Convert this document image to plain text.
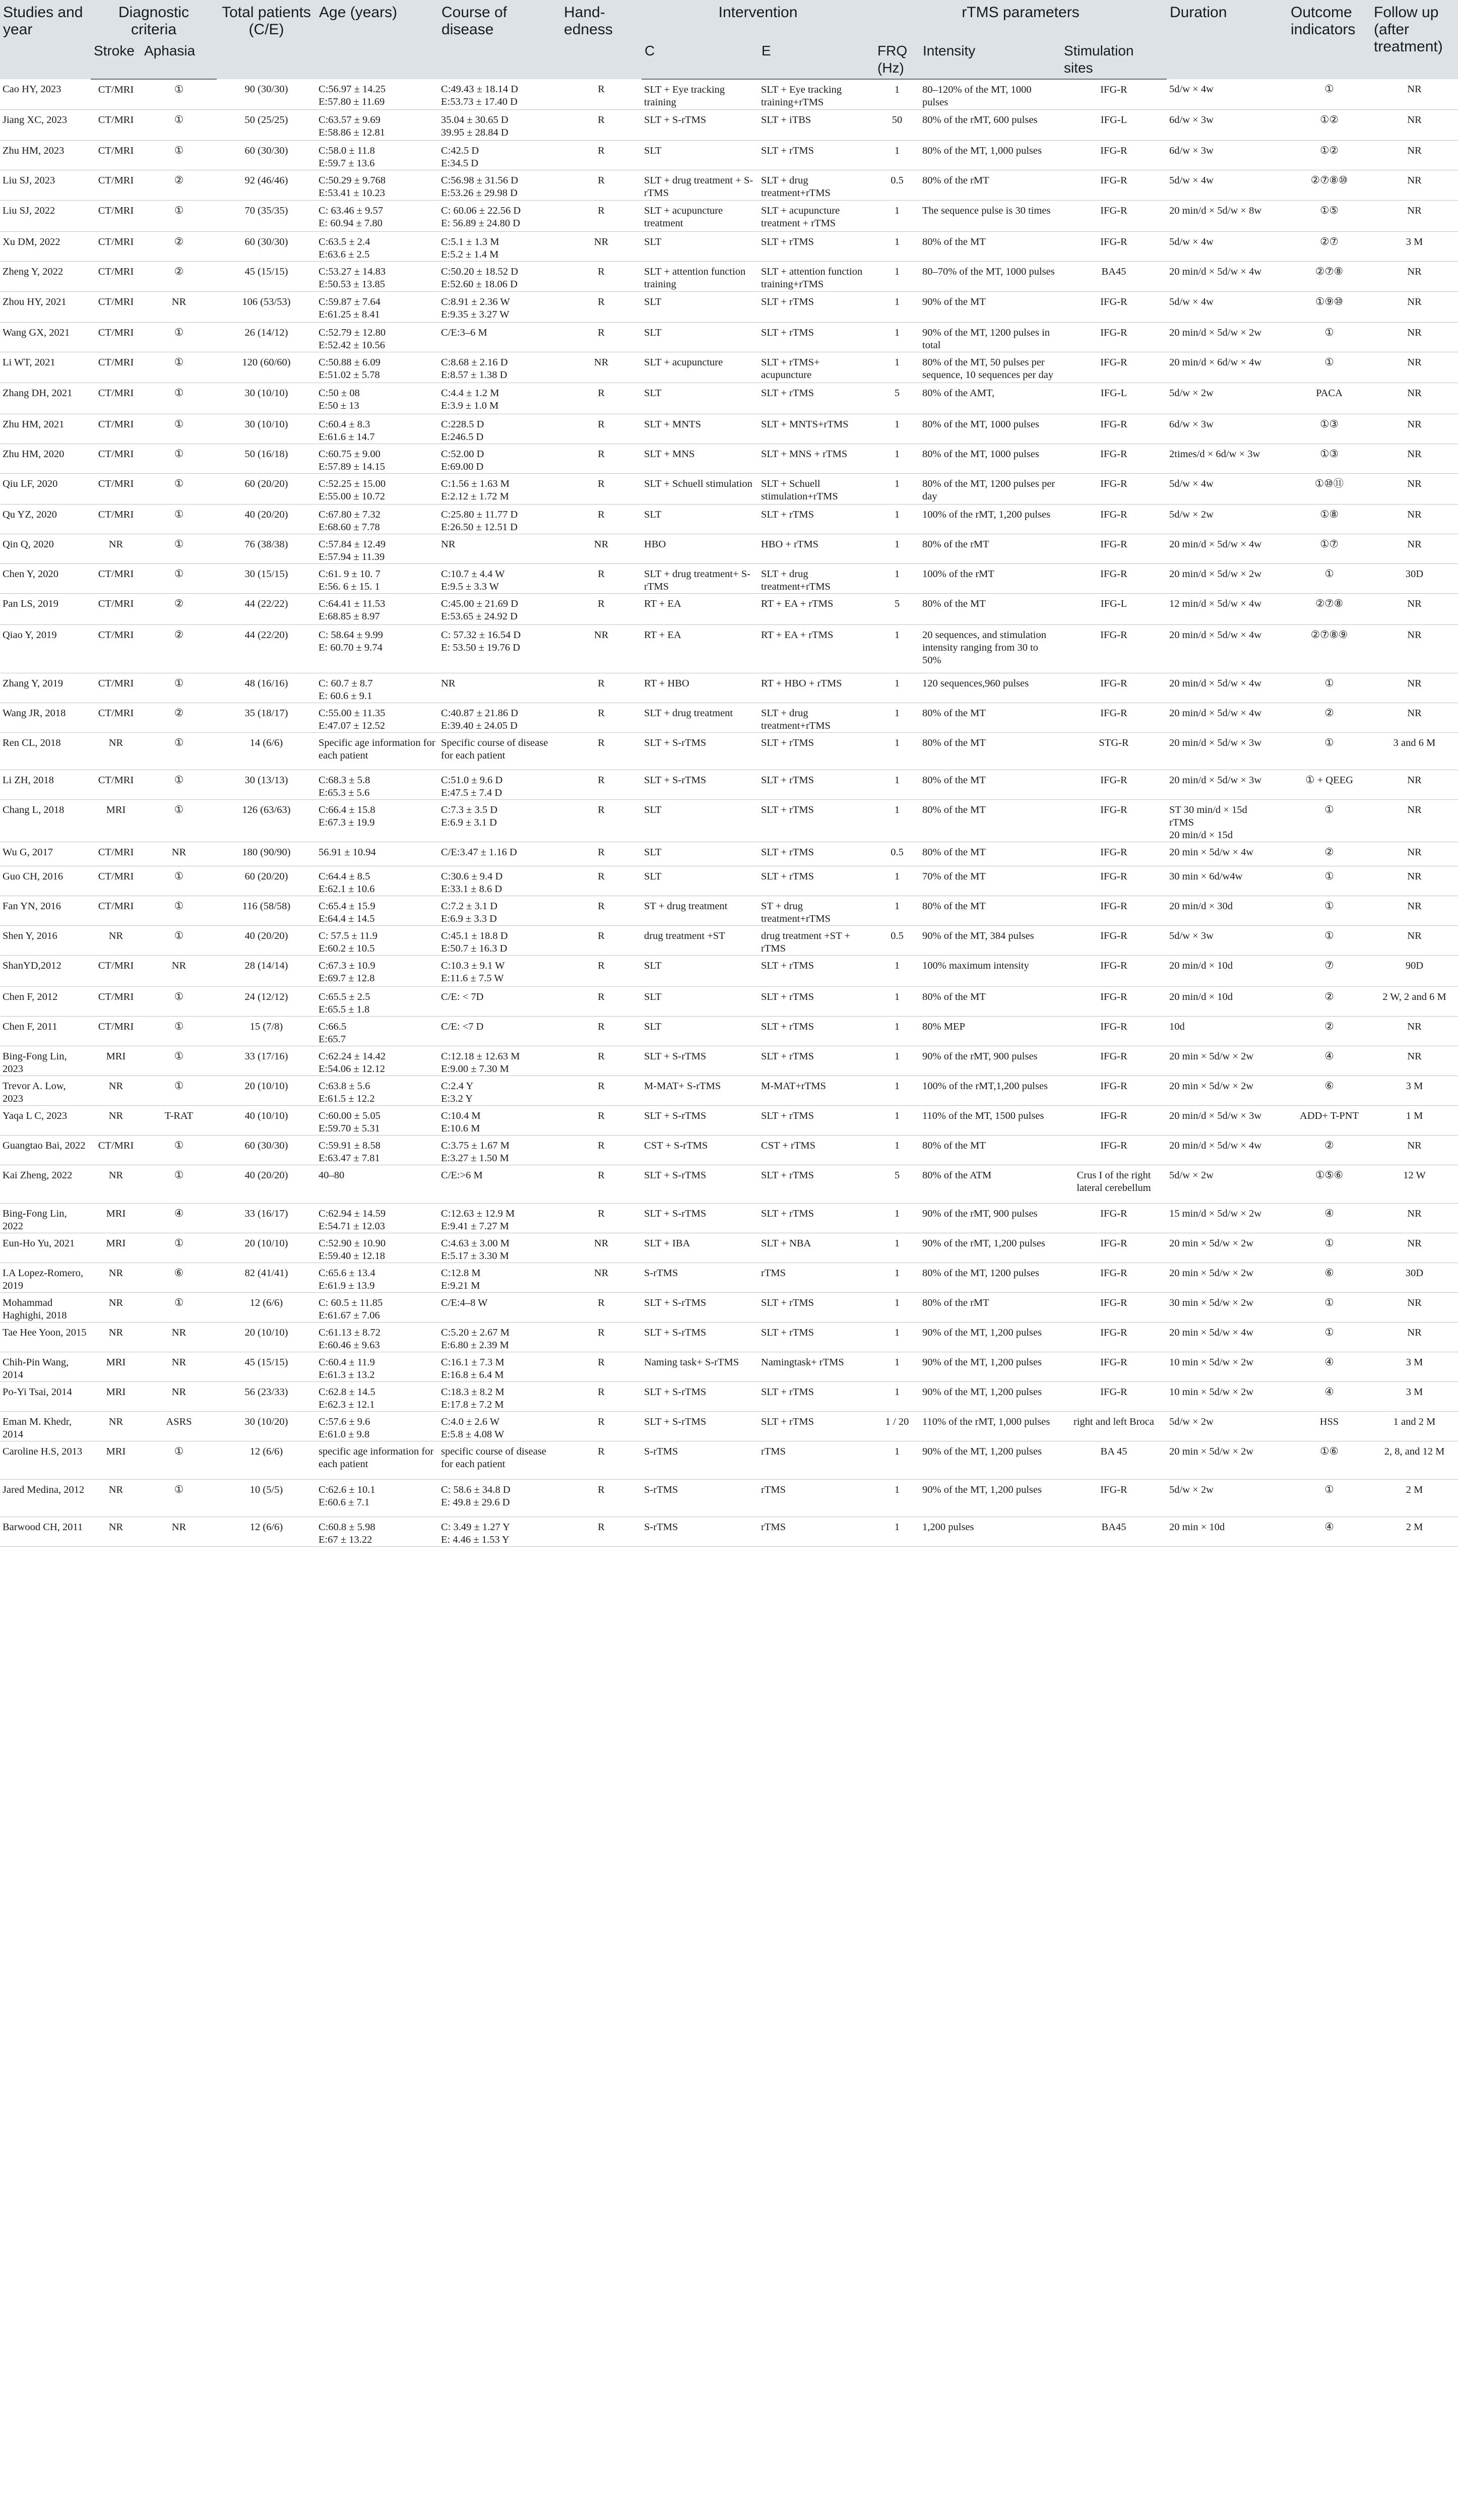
Studies and year	Diagnostic criteria		Total patients (C/E)	Age (years)	Course of disease	Hand-edness	Intervention		rTMS parameters			Duration	Outcome indicators	Follow up (after treatment)
	Stroke	Aphasia					C	E	FRQ (Hz)	Intensity	Stimulation sites			
Cao HY, 2023	CT/MRI	①	90 (30/30)	C:56.97 ± 14.25
E:57.80 ± 11.69	C:49.43 ± 18.14 D
E:53.73 ± 17.40 D	R	SLT + Eye tracking training	SLT + Eye tracking training+rTMS	1	80–120% of the MT, 1000 pulses	IFG-R	5d/w × 4w	①	NR
Jiang XC, 2023	CT/MRI	①	50 (25/25)	C:63.57 ± 9.69
E:58.86 ± 12.81	35.04 ± 30.65 D
39.95 ± 28.84 D	R	SLT + S-rTMS	SLT + iTBS	50	80% of the rMT, 600 pulses	IFG-L	6d/w × 3w	①②	NR
Zhu HM, 2023	CT/MRI	①	60 (30/30)	C:58.0 ± 11.8
E:59.7 ± 13.6	C:42.5 D
E:34.5 D	R	SLT	SLT + rTMS	1	80% of the MT, 1,000 pulses	IFG-R	6d/w × 3w	①②	NR
Liu SJ, 2023	CT/MRI	②	92 (46/46)	C:50.29 ± 9.768
E:53.41 ± 10.23	C:56.98 ± 31.56 D
E:53.26 ± 29.98 D	R	SLT + drug treatment + S-rTMS	SLT + drug treatment+rTMS	0.5	80% of the rMT	IFG-R	5d/w × 4w	②⑦⑧⑩	NR
Liu SJ, 2022	CT/MRI	①	70 (35/35)	C: 63.46 ± 9.57
E: 60.94 ± 7.80	C: 60.06 ± 22.56 D
E: 56.89 ± 24.80 D	R	SLT + acupuncture treatment	SLT + acupuncture treatment + rTMS	1	The sequence pulse is 30 times	IFG-R	20 min/d × 5d/w × 8w	①⑤	NR
Xu DM, 2022	CT/MRI	②	60 (30/30)	C:63.5 ± 2.4
E:63.6 ± 2.5	C:5.1 ± 1.3 M
E:5.2 ± 1.4 M	NR	SLT	SLT + rTMS	1	80% of the MT	IFG-R	5d/w × 4w	②⑦	3 M
Zheng Y, 2022	CT/MRI	②	45 (15/15)	C:53.27 ± 14.83
E:50.53 ± 13.85	C:50.20 ± 18.52 D
E:52.60 ± 18.06 D	R	SLT + attention function training	SLT + attention function training+rTMS	1	80–70% of the MT, 1000 pulses	BA45	20 min/d × 5d/w × 4w	②⑦⑧	NR
Zhou HY, 2021	CT/MRI	NR	106 (53/53)	C:59.87 ± 7.64
E:61.25 ± 8.41	C:8.91 ± 2.36 W
E:9.35 ± 3.27 W	R	SLT	SLT + rTMS	1	90% of the MT	IFG-R	5d/w × 4w	①⑨⑩	NR
Wang GX, 2021	CT/MRI	①	26 (14/12)	C:52.79 ± 12.80
E:52.42 ± 10.56	C/E:3–6 M	R	SLT	SLT + rTMS	1	90% of the MT, 1200 pulses in total	IFG-R	20 min/d × 5d/w × 2w	①	NR
Li WT, 2021	CT/MRI	①	120 (60/60)	C:50.88 ± 6.09
E:51.02 ± 5.78	C:8.68 ± 2.16 D
E:8.57 ± 1.38 D	NR	SLT + acupuncture	SLT + rTMS+ acupuncture	1	80% of the MT, 50 pulses per sequence, 10 sequences per day	IFG-R	20 min/d × 6d/w × 4w	①	NR
Zhang DH, 2021	CT/MRI	①	30 (10/10)	C:50 ± 08
E:50 ± 13	C:4.4 ± 1.2 M
E:3.9 ± 1.0 M	R	SLT	SLT + rTMS	5	80% of the AMT,	IFG-L	5d/w × 2w	PACA	NR
Zhu HM, 2021	CT/MRI	①	30 (10/10)	C:60.4 ± 8.3
E:61.6 ± 14.7	C:228.5 D
E:246.5 D	R	SLT + MNTS	SLT + MNTS+rTMS	1	80% of the MT, 1000 pulses	IFG-R	6d/w × 3w	①③	NR
Zhu HM, 2020	CT/MRI	①	50 (16/18)	C:60.75 ± 9.00
E:57.89 ± 14.15	C:52.00 D
E:69.00 D	R	SLT + MNS	SLT + MNS + rTMS	1	80% of the MT, 1000 pulses	IFG-R	2times/d × 6d/w × 3w	①③	NR
Qiu LF, 2020	CT/MRI	①	60 (20/20)	C:52.25 ± 15.00
E:55.00 ± 10.72	C:1.56 ± 1.63 M
E:2.12 ± 1.72 M	R	SLT + Schuell stimulation	SLT + Schuell stimulation+rTMS	1	80% of the MT, 1200 pulses per day	IFG-R	5d/w × 4w	①⑩⑪	NR
Qu YZ, 2020	CT/MRI	①	40 (20/20)	C:67.80 ± 7.32
E:68.60 ± 7.78	C:25.80 ± 11.77 D
E:26.50 ± 12.51 D	R	SLT	SLT + rTMS	1	100% of the rMT, 1,200 pulses	IFG-R	5d/w × 2w	①⑧	NR
Qin Q, 2020	NR	①	76 (38/38)	C:57.84 ± 12.49
E:57.94 ± 11.39	NR	NR	HBO	HBO + rTMS	1	80% of the rMT	IFG-R	20 min/d × 5d/w × 4w	①⑦	NR
Chen Y, 2020	CT/MRI	①	30 (15/15)	C:61. 9 ± 10. 7
E:56. 6 ± 15. 1	C:10.7 ± 4.4 W
E:9.5 ± 3.3 W	R	SLT + drug treatment+ S-rTMS	SLT + drug treatment+rTMS	1	100% of the rMT	IFG-R	20 min/d × 5d/w × 2w	①	30D
Pan LS, 2019	CT/MRI	②	44 (22/22)	C:64.41 ± 11.53
E:68.85 ± 8.97	C:45.00 ± 21.69 D
E:53.65 ± 24.92 D	R	RT + EA	RT + EA + rTMS	5	80% of the MT	IFG-L	12 min/d × 5d/w × 4w	②⑦⑧	NR
Qiao Y, 2019	CT/MRI	②	44 (22/20)	C: 58.64 ± 9.99
E: 60.70 ± 9.74	C: 57.32 ± 16.54 D
E: 53.50 ± 19.76 D	NR	RT + EA	RT + EA + rTMS	1	20 sequences, and stimulation intensity ranging from 30 to 50%	IFG-R	20 min/d × 5d/w × 4w	②⑦⑧⑨	NR
Zhang Y, 2019	CT/MRI	①	48 (16/16)	C: 60.7 ± 8.7
E: 60.6 ± 9.1	NR	R	RT + HBO	RT + HBO + rTMS	1	120 sequences,960 pulses	IFG-R	20 min/d × 5d/w × 4w	①	NR
Wang JR, 2018	CT/MRI	②	35 (18/17)	C:55.00 ± 11.35
E:47.07 ± 12.52	C:40.87 ± 21.86 D
E:39.40 ± 24.05 D	R	SLT + drug treatment	SLT + drug treatment+rTMS	1	80% of the MT	IFG-R	20 min/d × 5d/w × 4w	②	NR
Ren CL, 2018	NR	①	14 (6/6)	Specific age information for each patient	Specific course of disease for each patient	R	SLT + S-rTMS	SLT + rTMS	1	80% of the MT	STG-R	20 min/d × 5d/w × 3w	①	3 and 6 M
Li ZH, 2018	CT/MRI	①	30 (13/13)	C:68.3 ± 5.8
E:65.3 ± 5.6	C:51.0 ± 9.6 D
E:47.5 ± 7.4 D	R	SLT + S-rTMS	SLT + rTMS	1	80% of the MT	IFG-R	20 min/d × 5d/w × 3w	① + QEEG	NR
Chang L, 2018	MRI	①	126 (63/63)	C:66.4 ± 15.8
E:67.3 ± 19.9	C:7.3 ± 3.5 D
E:6.9 ± 3.1 D	R	SLT	SLT + rTMS	1	80% of the MT	IFG-R	ST 30 min/d × 15d
rTMS
20 min/d × 15d	①	NR
Wu G, 2017	CT/MRI	NR	180 (90/90)	56.91 ± 10.94	C/E:3.47 ± 1.16 D	R	SLT	SLT + rTMS	0.5	80% of the MT	IFG-R	20 min × 5d/w × 4w	②	NR
Guo CH, 2016	CT/MRI	①	60 (20/20)	C:64.4 ± 8.5
E:62.1 ± 10.6	C:30.6 ± 9.4 D
E:33.1 ± 8.6 D	R	SLT	SLT + rTMS	1	70% of the MT	IFG-R	30 min × 6d/w4w	①	NR
Fan YN, 2016	CT/MRI	①	116 (58/58)	C:65.4 ± 15.9
E:64.4 ± 14.5	C:7.2 ± 3.1 D
E:6.9 ± 3.3 D	R	ST + drug treatment	ST + drug treatment+rTMS	1	80% of the MT	IFG-R	20 min/d × 30d	①	NR
Shen Y, 2016	NR	①	40 (20/20)	C: 57.5 ± 11.9
E:60.2 ± 10.5	C:45.1 ± 18.8 D
E:50.7 ± 16.3 D	R	drug treatment +ST	drug treatment +ST + rTMS	0.5	90% of the MT, 384 pulses	IFG-R	5d/w × 3w	①	NR
ShanYD,2012	CT/MRI	NR	28 (14/14)	C:67.3 ± 10.9
E:69.7 ± 12.8	C:10.3 ± 9.1 W
E:11.6 ± 7.5 W	R	SLT	SLT + rTMS	1	100% maximum intensity	IFG-R	20 min/d × 10d	⑦	90D
Chen F, 2012	CT/MRI	①	24 (12/12)	C:65.5 ± 2.5
E:65.5 ± 1.8	C/E: < 7D	R	SLT	SLT + rTMS	1	80% of the MT	IFG-R	20 min/d × 10d	②	2 W, 2 and 6 M
Chen F, 2011	CT/MRI	①	15 (7/8)	C:66.5
E:65.7	C/E: <7 D	R	SLT	SLT + rTMS	1	80% MEP	IFG-R	10d	②	NR
Bing-Fong Lin, 2023	MRI	①	33 (17/16)	C:62.24 ± 14.42
E:54.06 ± 12.12	C:12.18 ± 12.63 M
E:9.00 ± 7.30 M	R	SLT + S-rTMS	SLT + rTMS	1	90% of the rMT, 900 pulses	IFG-R	20 min × 5d/w × 2w	④	NR
Trevor A. Low, 2023	NR	①	20 (10/10)	C:63.8 ± 5.6
E:61.5 ± 12.2	C:2.4 Y
E:3.2 Y	R	M-MAT+ S-rTMS	M-MAT+rTMS	1	100% of the rMT,1,200 pulses	IFG-R	20 min × 5d/w × 2w	⑥	3 M
Yaqa L C, 2023	NR	T-RAT	40 (10/10)	C:60.00 ± 5.05
E:59.70 ± 5.31	C:10.4 M
E:10.6 M	R	SLT + S-rTMS	SLT + rTMS	1	110% of the MT, 1500 pulses	IFG-R	20 min/d × 5d/w × 3w	ADD+ T-PNT	1 M
Guangtao Bai, 2022	CT/MRI	①	60 (30/30)	C:59.91 ± 8.58
E:63.47 ± 7.81	C:3.75 ± 1.67 M
E:3.27 ± 1.50 M	R	CST + S-rTMS	CST + rTMS	1	80% of the MT	IFG-R	20 min/d × 5d/w × 4w	②	NR
Kai Zheng, 2022	NR	①	40 (20/20)	40–80	C/E:>6 M	R	SLT + S-rTMS	SLT + rTMS	5	80% of the ATM	Crus I of the right lateral cerebellum	5d/w × 2w	①⑤⑥	12 W
Bing-Fong Lin, 2022	MRI	④	33 (16/17)	C:62.94 ± 14.59
E:54.71 ± 12.03	C:12.63 ± 12.9 M
E:9.41 ± 7.27 M	R	SLT + S-rTMS	SLT + rTMS	1	90% of the rMT, 900 pulses	IFG-R	15 min/d × 5d/w × 2w	④	NR
Eun-Ho Yu, 2021	MRI	①	20 (10/10)	C:52.90 ± 10.90
E:59.40 ± 12.18	C:4.63 ± 3.00 M
E:5.17 ± 3.30 M	NR	SLT + IBA	SLT + NBA	1	90% of the rMT, 1,200 pulses	IFG-R	20 min × 5d/w × 2w	①	NR
I.A Lopez-Romero, 2019	NR	⑥	82 (41/41)	C:65.6 ± 13.4
E:61.9 ± 13.9	C:12.8 M
E:9.21 M	NR	S-rTMS	rTMS	1	80% of the MT, 1200 pulses	IFG-R	20 min × 5d/w × 2w	⑥	30D
Mohammad Haghighi, 2018	NR	①	12 (6/6)	C: 60.5 ± 11.85
E:61.67 ± 7.06	C/E:4–8 W	R	SLT + S-rTMS	SLT + rTMS	1	80% of the rMT	IFG-R	30 min × 5d/w × 2w	①	NR
Tae Hee Yoon, 2015	NR	NR	20 (10/10)	C:61.13 ± 8.72
E:60.46 ± 9.63	C:5.20 ± 2.67 M
E:6.80 ± 2.39 M	R	SLT + S-rTMS	SLT + rTMS	1	90% of the MT, 1,200 pulses	IFG-R	20 min × 5d/w × 4w	①	NR
Chih-Pin Wang, 2014	MRI	NR	45 (15/15)	C:60.4 ± 11.9
E:61.3 ± 13.2	C:16.1 ± 7.3 M
E:16.8 ± 6.4 M	R	Naming task+ S-rTMS	Namingtask+ rTMS	1	90% of the MT, 1,200 pulses	IFG-R	10 min × 5d/w × 2w	④	3 M
Po-Yi Tsai, 2014	MRI	NR	56 (23/33)	C:62.8 ± 14.5
E:62.3 ± 12.1	C:18.3 ± 8.2 M
E:17.8 ± 7.2 M	R	SLT + S-rTMS	SLT + rTMS	1	90% of the MT, 1,200 pulses	IFG-R	10 min × 5d/w × 2w	④	3 M
Eman M. Khedr, 2014	NR	ASRS	30 (10/20)	C:57.6 ± 9.6
E:61.0 ± 9.8	C:4.0 ± 2.6 W
E:5.8 ± 4.08 W	R	SLT + S-rTMS	SLT + rTMS	1 / 20	110% of the rMT, 1,000 pulses	right and left Broca	5d/w × 2w	HSS	1 and 2 M
Caroline H.S, 2013	MRI	①	12 (6/6)	specific age information for each patient	specific course of disease for each patient	R	S-rTMS	rTMS	1	90% of the MT, 1,200 pulses	BA 45	20 min × 5d/w × 2w	①⑥	2, 8, and 12 M
Jared Medina, 2012	NR	①	10 (5/5)	C:62.6 ± 10.1
E:60.6 ± 7.1	C: 58.6 ± 34.8 D
E: 49.8 ± 29.6 D	R	S-rTMS	rTMS	1	90% of the MT, 1,200 pulses	IFG-R	5d/w × 2w	①	2 M
Barwood CH, 2011	NR	NR	12 (6/6)	C:60.8 ± 5.98
E:67 ± 13.22	C: 3.49 ± 1.27 Y
E: 4.46 ± 1.53 Y	R	S-rTMS	rTMS	1	1,200 pulses	BA45	20 min × 10d	④	2 M
